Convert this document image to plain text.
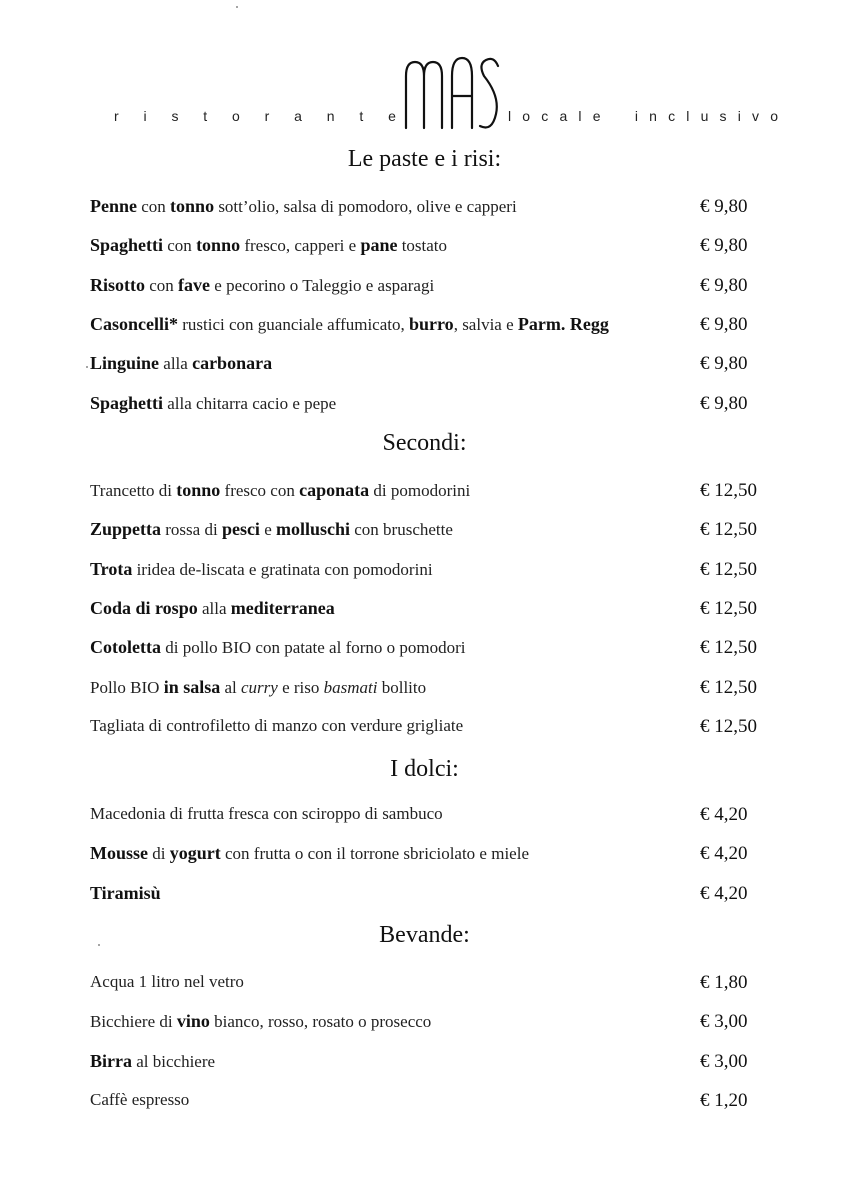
r i s t o r a n t e	l o c a l e
i n c l u s i v o
Le paste e i risi:
Penne con tonno sott’olio, salsa di pomodoro, olive e capperi	€ 9,80
Spaghetti con tonno fresco, capperi e pane tostato	€ 9,80
Risotto con fave e pecorino o Taleggio e asparagi	€ 9,80
Casoncelli* rustici con guanciale affumicato, burro, salvia e Parm. Regg	€ 9,80
Linguine alla carbonara	€ 9,80
Spaghetti alla chitarra cacio e pepe	€ 9,80
Secondi:
Trancetto di tonno fresco con caponata di pomodorini	€ 12,50
Zuppetta rossa di pesci e molluschi con bruschette	€ 12,50
Trota iridea de-liscata e gratinata con pomodorini	€ 12,50
Coda di rospo alla mediterranea	€ 12,50
Cotoletta di pollo BIO con patate al forno o pomodori	€ 12,50
Pollo BIO in salsa al curry e riso basmati bollito	€ 12,50
Tagliata di controfiletto di manzo con verdure grigliate	€ 12,50
I dolci:
Macedonia di frutta fresca con sciroppo di sambuco	€ 4,20
Mousse di yogurt con frutta o con il torrone sbriciolato e miele	€ 4,20
Tiramisù	€ 4,20
Bevande:
Acqua 1 litro nel vetro	€ 1,80
Bicchiere di vino bianco, rosso, rosato o prosecco	€ 3,00
Birra al bicchiere	€ 3,00
Caffè espresso	€ 1,20
